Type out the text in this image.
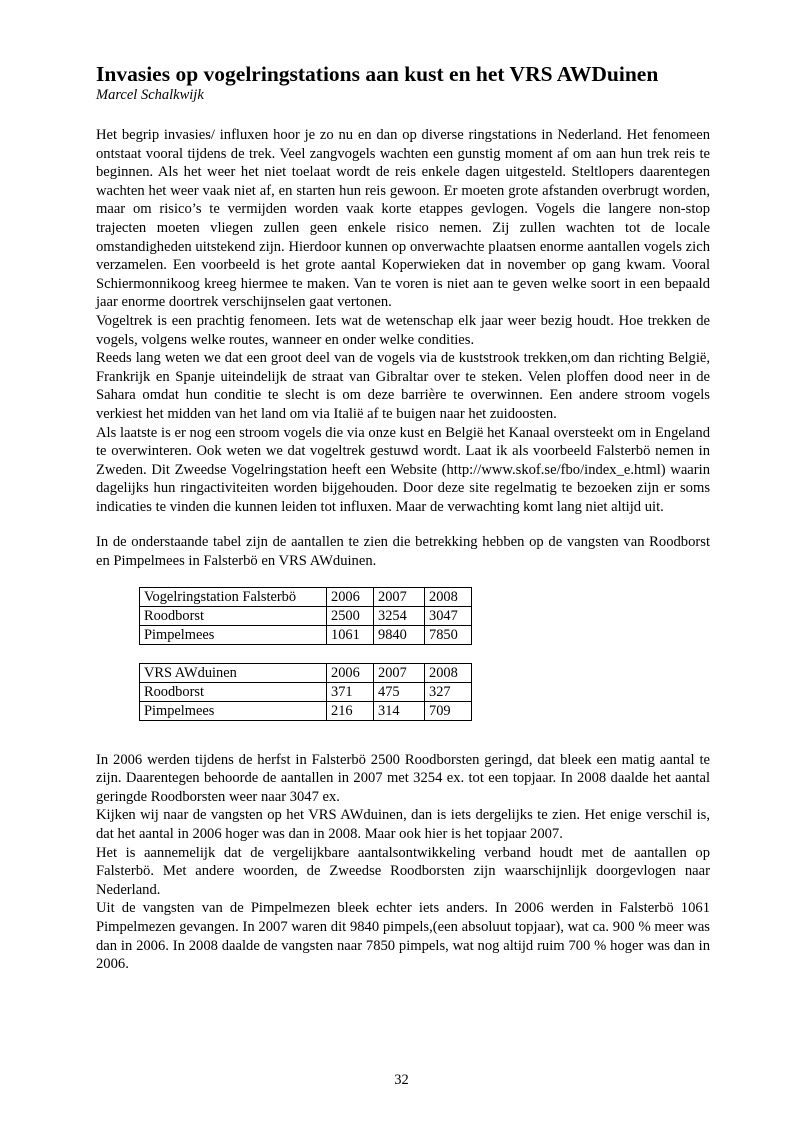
Invasies op vogelringstations aan kust en het VRS AWDuinen

Marcel Schalkwijk

Het begrip invasies/ influxen hoor je zo nu en dan op diverse ringstations in Nederland. Het fenomeen ontstaat vooral tijdens de trek. Veel zangvogels wachten een gunstig moment af om aan hun trek reis te beginnen. Als het weer het niet toelaat wordt de reis enkele dagen uitgesteld. Steltlopers daarentegen wachten het weer vaak niet af, en starten hun reis gewoon. Er moeten grote afstanden overbrugt worden, maar om risico’s te vermijden worden vaak korte etappes gevlogen. Vogels die langere non-stop trajecten moeten vliegen zullen geen enkele risico nemen. Zij zullen wachten tot de locale omstandigheden uitstekend zijn. Hierdoor kunnen op onverwachte plaatsen enorme aantallen vogels zich verzamelen. Een voorbeeld is het grote aantal Koperwieken dat in november op gang kwam. Vooral Schiermonnikoog kreeg hiermee te maken. Van te voren is niet aan te geven welke soort in een bepaald jaar enorme doortrek verschijnselen gaat vertonen.

Vogeltrek is een prachtig fenomeen. Iets wat de wetenschap elk jaar weer bezig houdt. Hoe trekken de vogels, volgens welke routes, wanneer en onder welke condities.

Reeds lang weten we dat een groot deel van de vogels via de kuststrook trekken,om dan richting België, Frankrijk en Spanje uiteindelijk de straat van Gibraltar over te steken. Velen ploffen dood neer in de Sahara omdat hun conditie te slecht is om deze barrière te overwinnen. Een andere stroom vogels verkiest het midden van het land om via Italië af te buigen naar het zuidoosten.

Als laatste is er nog een stroom vogels die via onze kust en België het Kanaal oversteekt om in Engeland te overwinteren. Ook weten we dat vogeltrek gestuwd wordt. Laat ik als voorbeeld Falsterbö nemen in Zweden. Dit Zweedse Vogelringstation heeft een Website (http://www.skof.se/fbo/index_e.html) waarin dagelijks hun ringactiviteiten worden bijgehouden. Door deze site regelmatig te bezoeken zijn er soms indicaties te vinden die kunnen leiden tot influxen. Maar de verwachting komt lang niet altijd uit.

In de onderstaande tabel zijn de aantallen te zien die betrekking hebben op de vangsten van Roodborst en Pimpelmees in Falsterbö en VRS AWduinen.

Vogelringstation Falsterbö	2006	2007	2008
Roodborst	2500	3254	3047
Pimpelmees	1061	9840	7850
VRS AWduinen	2006	2007	2008
Roodborst	371	475	327
Pimpelmees	216	314	709

In 2006 werden tijdens de herfst in Falsterbö 2500 Roodborsten geringd, dat bleek een matig aantal te zijn. Daarentegen behoorde de aantallen in 2007 met 3254 ex. tot een topjaar. In 2008 daalde het aantal geringde Roodborsten weer naar 3047 ex.

Kijken wij naar de vangsten op het VRS AWduinen, dan is iets dergelijks te zien. Het enige verschil is, dat het aantal in 2006 hoger was dan in 2008. Maar ook hier is het topjaar 2007.

Het is aannemelijk dat de vergelijkbare aantalsontwikkeling verband houdt met de aantallen op Falsterbö. Met andere woorden, de Zweedse Roodborsten zijn waarschijnlijk doorgevlogen naar Nederland.

Uit de vangsten van de Pimpelmezen bleek echter iets anders. In 2006 werden in Falsterbö 1061 Pimpelmezen gevangen. In 2007 waren dit 9840 pimpels,(een absoluut topjaar), wat ca. 900 % meer was dan in 2006. In 2008 daalde de vangsten naar 7850 pimpels, wat nog altijd ruim 700 % hoger was dan in 2006.

32
